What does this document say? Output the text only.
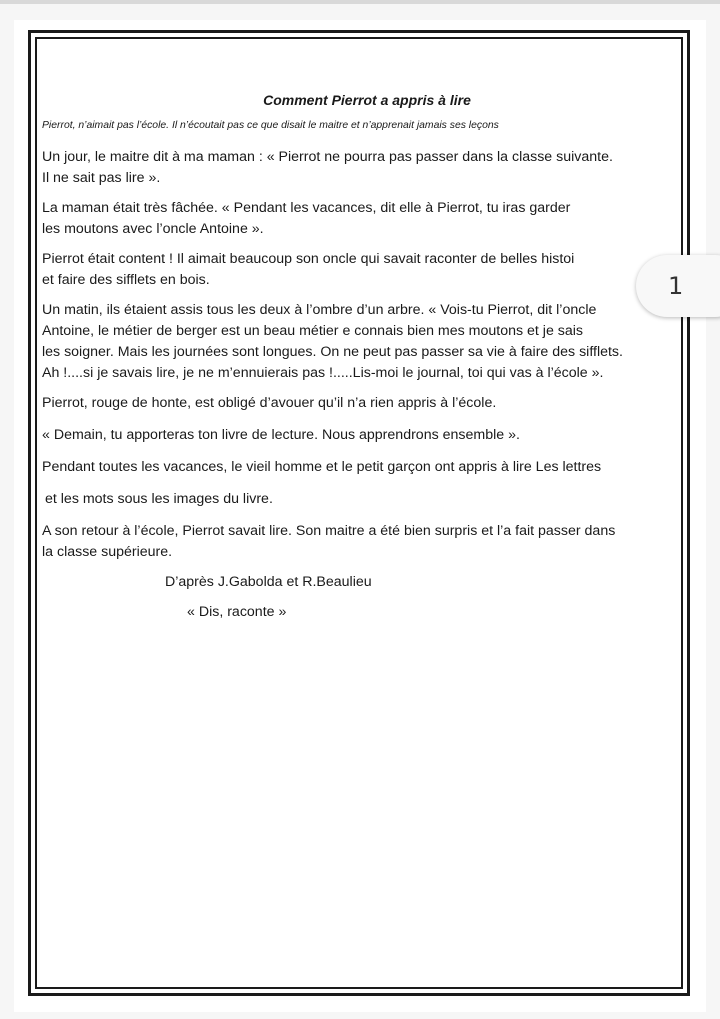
Comment Pierrot a appris à lire

Pierrot, n’aimait pas l’école. Il n’écoutait pas ce que disait le maitre et n’apprenait jamais ses leçons

Un jour, le maitre dit à ma maman : « Pierrot ne pourra pas passer dans la classe suivante.
Il ne sait pas lire ».

La maman était très fâchée. « Pendant les vacances, dit elle à Pierrot, tu iras garder
les moutons avec l’oncle Antoine ».

Pierrot était content ! Il aimait beaucoup son oncle qui savait raconter de belles histoi
et faire des sifflets en bois.

Un matin, ils étaient assis tous les deux à l’ombre d’un arbre. « Vois-tu Pierrot, dit l’oncle
Antoine, le métier de berger est un beau métier e connais bien mes moutons et je sais
les soigner. Mais les journées sont longues. On ne peut pas passer sa vie à faire des sifflets.
Ah !....si je savais lire, je ne m’ennuierais pas !.....Lis-moi le journal, toi qui vas à l’école ».

Pierrot, rouge de honte, est obligé d’avouer qu’il n’a rien appris à l’école.

« Demain, tu apporteras ton livre de lecture. Nous apprendrons ensemble ».

Pendant toutes les vacances, le vieil homme et le petit garçon ont appris à lire Les lettres

et les mots sous les images du livre.

A son retour à l’école, Pierrot savait lire. Son maitre a été bien surpris et l’a fait passer dans
la classe supérieure.

D’après J.Gabolda et R.Beaulieu

« Dis, raconte »

1
